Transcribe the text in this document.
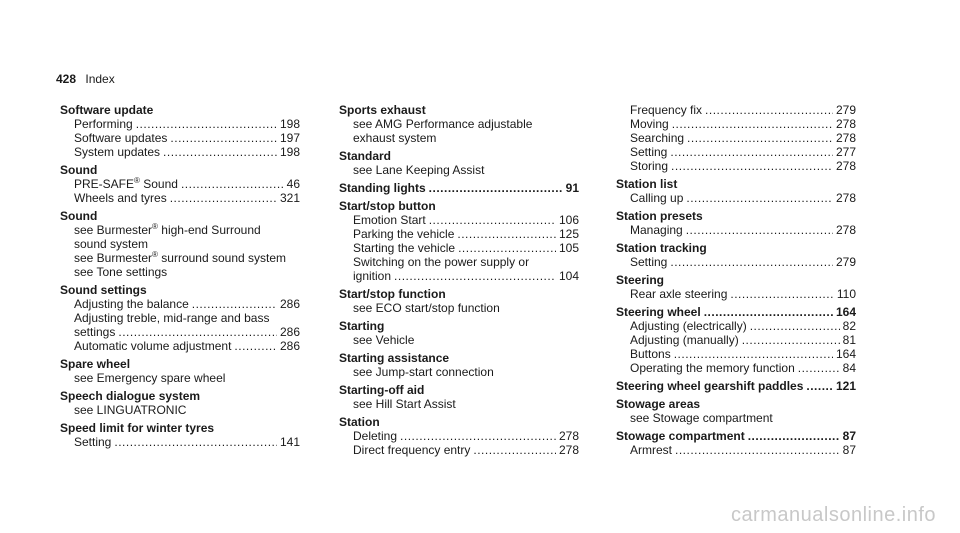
428 Index
Software update
Performing .....	198
Software updates .....	197
System updates .....	198
Sound
PRE-SAFE® Sound .....	46
Wheels and tyres .....	321
Sound
see Burmester® high-end Surround
sound system
see Burmester® surround sound system
see Tone settings
Sound settings
Adjusting the balance .....	286
Adjusting treble, mid-range and bass
settings .....	286
Automatic volume adjustment .....	286
Spare wheel
see Emergency spare wheel
Speech dialogue system
see LINGUATRONIC
Speed limit for winter tyres
Setting .....	141
Sports exhaust
see AMG Performance adjustable
exhaust system
Standard
see Lane Keeping Assist
Standing lights .....	91
Start/stop button
Emotion Start .....	106
Parking the vehicle .....	125
Starting the vehicle .....	105
Switching on the power supply or
ignition .....	104
Start/stop function
see ECO start/stop function
Starting
see Vehicle
Starting assistance
see Jump-start connection
Starting-off aid
see Hill Start Assist
Station
Deleting .....	278
Direct frequency entry .....	278
Frequency fix .....	279
Moving .....	278
Searching .....	278
Setting .....	277
Storing .....	278
Station list
Calling up .....	278
Station presets
Managing .....	278
Station tracking
Setting .....	279
Steering
Rear axle steering .....	110
Steering wheel .....	164
Adjusting (electrically) .....	82
Adjusting (manually) .....	81
Buttons .....	164
Operating the memory function .....	84
Steering wheel gearshift paddles .....	121
Stowage areas
see Stowage compartment
Stowage compartment .....	87
Armrest .....	87
carmanualsonline.info
